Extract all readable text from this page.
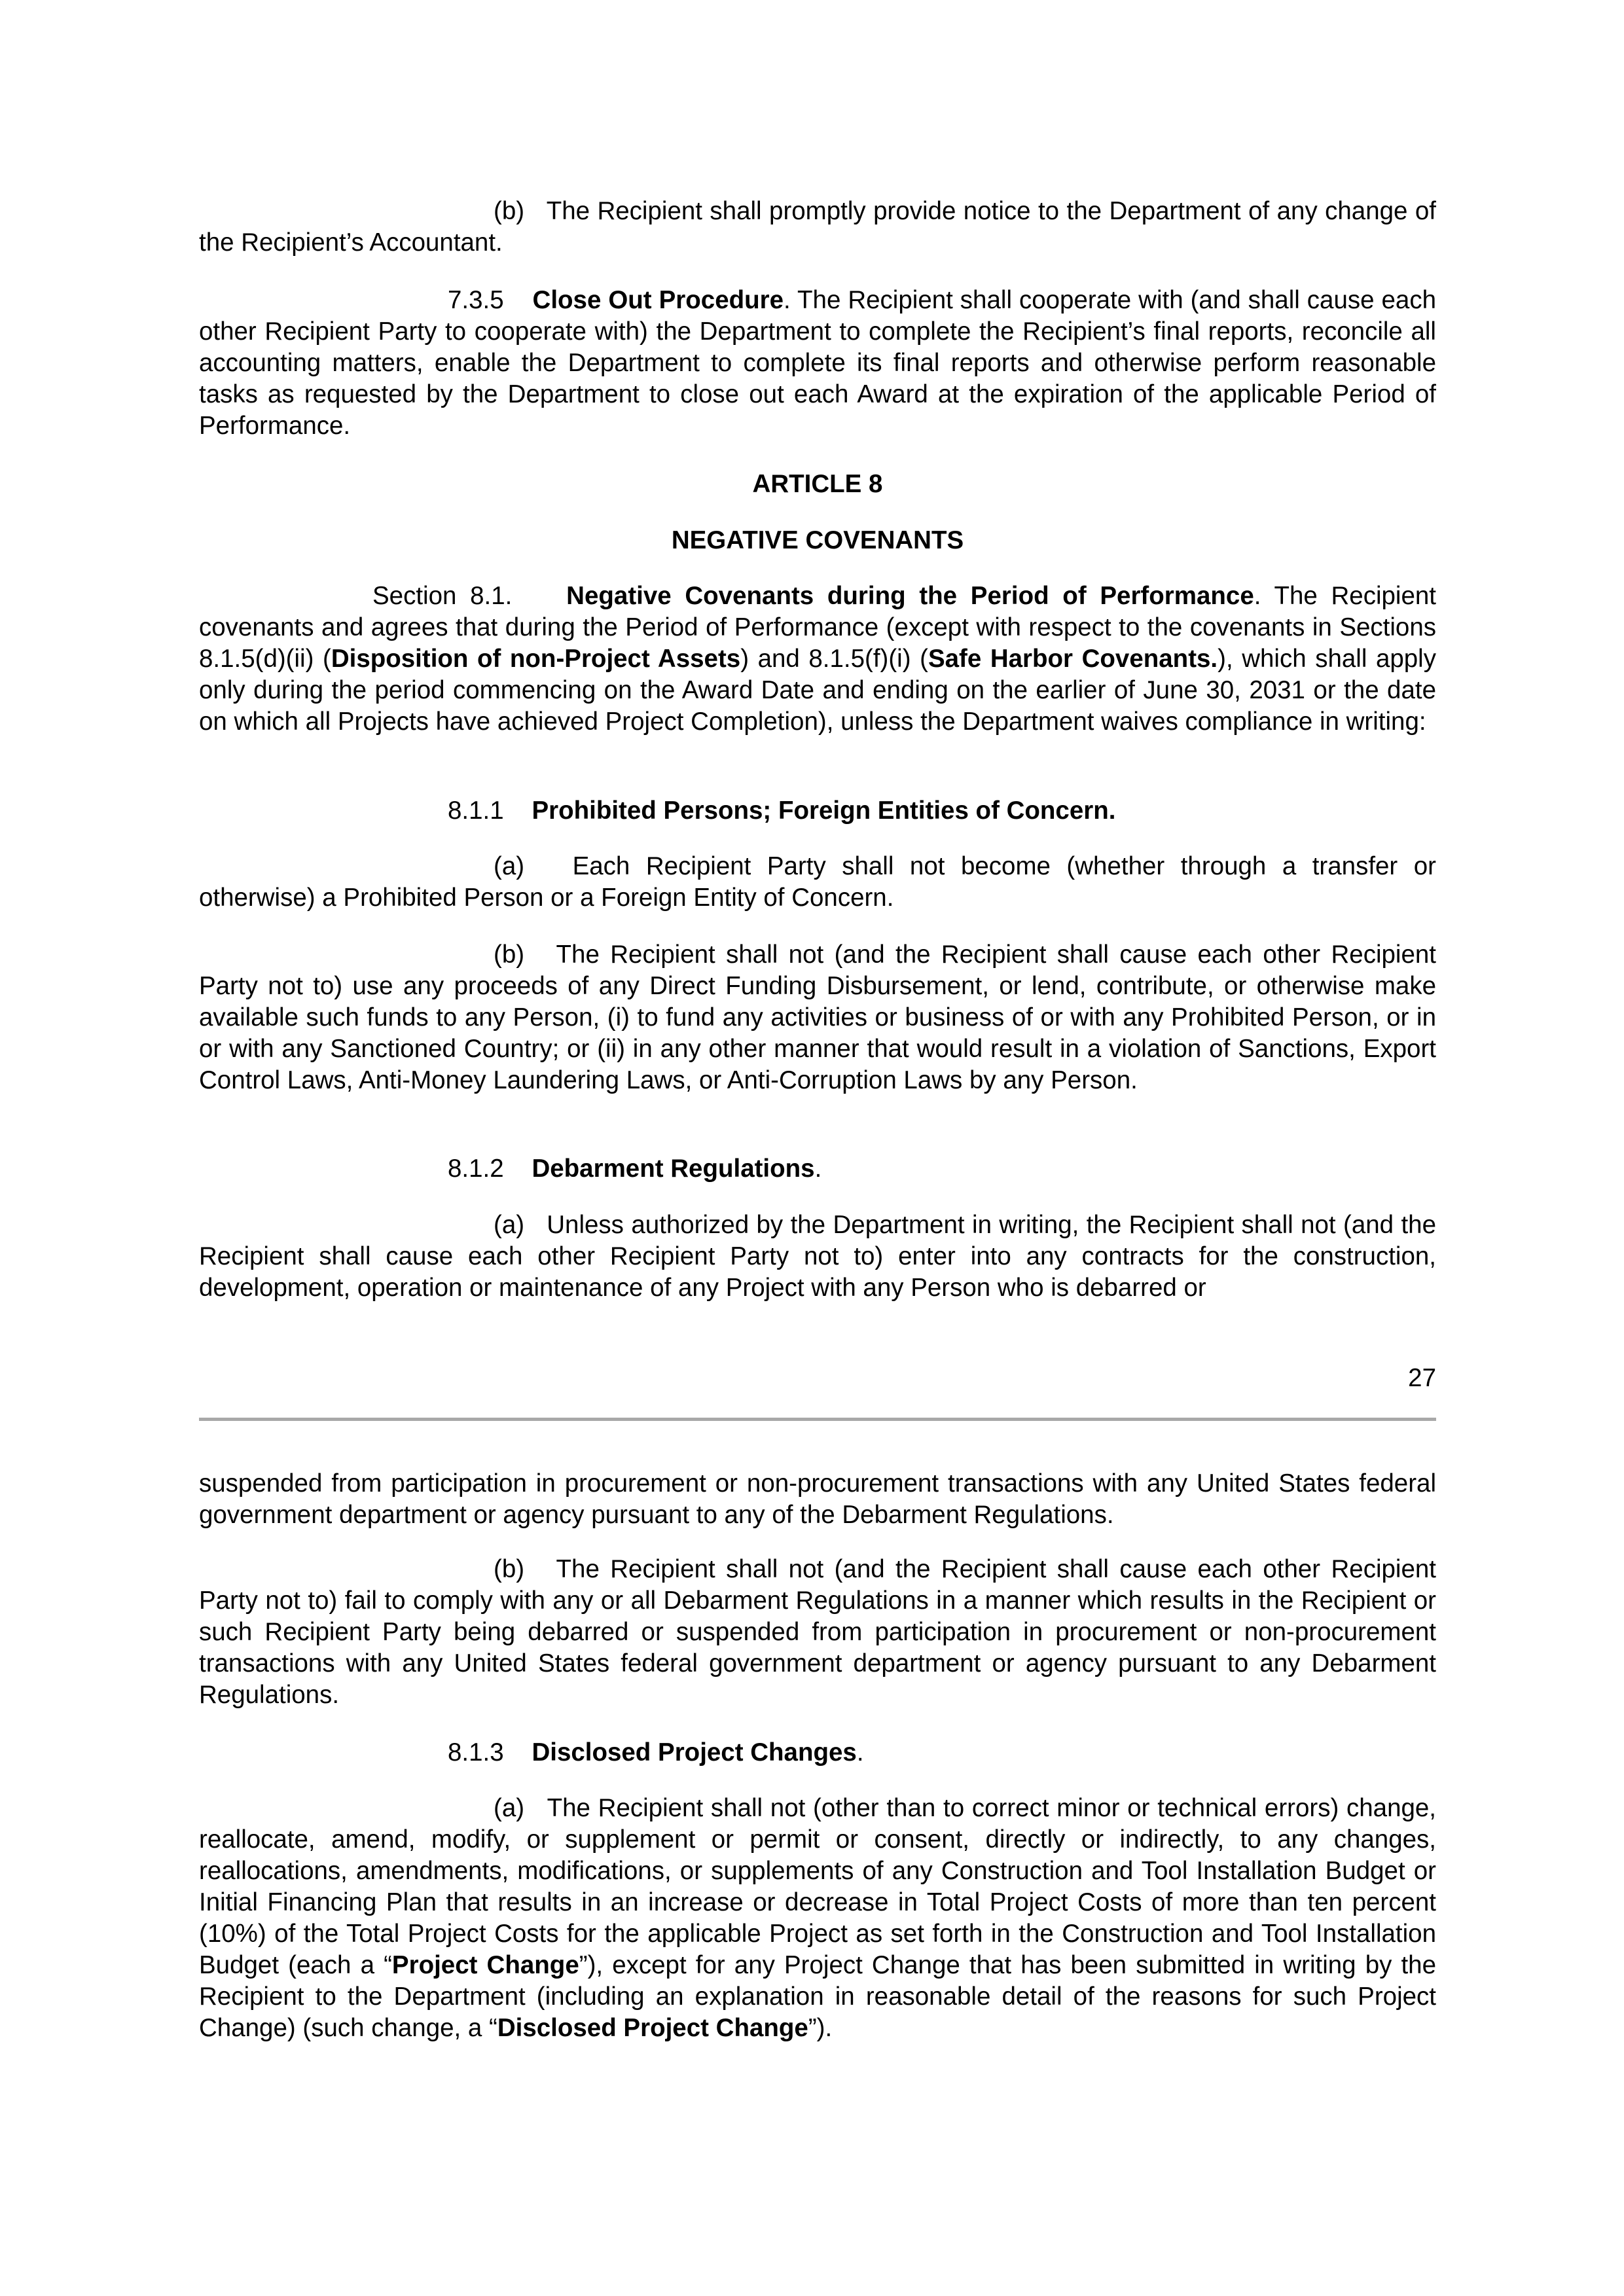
(b) The Recipient shall promptly provide notice to the Department of any change of the Recipient’s Accountant.

7.3.5 Close Out Procedure. The Recipient shall cooperate with (and shall cause each other Recipient Party to cooperate with) the Department to complete the Recipient’s final reports, reconcile all accounting matters, enable the Department to complete its final reports and otherwise perform reasonable tasks as requested by the Department to close out each Award at the expiration of the applicable Period of Performance.

ARTICLE 8

NEGATIVE COVENANTS

Section 8.1. Negative Covenants during the Period of Performance. The Recipient covenants and agrees that during the Period of Performance (except with respect to the covenants in Sections 8.1.5(d)(ii) (Disposition of non-Project Assets) and 8.1.5(f)(i) (Safe Harbor Covenants.), which shall apply only during the period commencing on the Award Date and ending on the earlier of June 30, 2031 or the date on which all Projects have achieved Project Completion), unless the Department waives compliance in writing:

8.1.1 Prohibited Persons; Foreign Entities of Concern.

(a) Each Recipient Party shall not become (whether through a transfer or otherwise) a Prohibited Person or a Foreign Entity of Concern.

(b) The Recipient shall not (and the Recipient shall cause each other Recipient Party not to) use any proceeds of any Direct Funding Disbursement, or lend, contribute, or otherwise make available such funds to any Person, (i) to fund any activities or business of or with any Prohibited Person, or in or with any Sanctioned Country; or (ii) in any other manner that would result in a violation of Sanctions, Export Control Laws, Anti-Money Laundering Laws, or Anti-Corruption Laws by any Person.

8.1.2 Debarment Regulations.

(a) Unless authorized by the Department in writing, the Recipient shall not (and the Recipient shall cause each other Recipient Party not to) enter into any contracts for the construction, development, operation or maintenance of any Project with any Person who is debarred or

27

suspended from participation in procurement or non-procurement transactions with any United States federal government department or agency pursuant to any of the Debarment Regulations.

(b) The Recipient shall not (and the Recipient shall cause each other Recipient Party not to) fail to comply with any or all Debarment Regulations in a manner which results in the Recipient or such Recipient Party being debarred or suspended from participation in procurement or non-procurement transactions with any United States federal government department or agency pursuant to any Debarment Regulations.

8.1.3 Disclosed Project Changes.

(a) The Recipient shall not (other than to correct minor or technical errors) change, reallocate, amend, modify, or supplement or permit or consent, directly or indirectly, to any changes, reallocations, amendments, modifications, or supplements of any Construction and Tool Installation Budget or Initial Financing Plan that results in an increase or decrease in Total Project Costs of more than ten percent (10%) of the Total Project Costs for the applicable Project as set forth in the Construction and Tool Installation Budget (each a “Project Change”), except for any Project Change that has been submitted in writing by the Recipient to the Department (including an explanation in reasonable detail of the reasons for such Project Change) (such change, a “Disclosed Project Change”).
